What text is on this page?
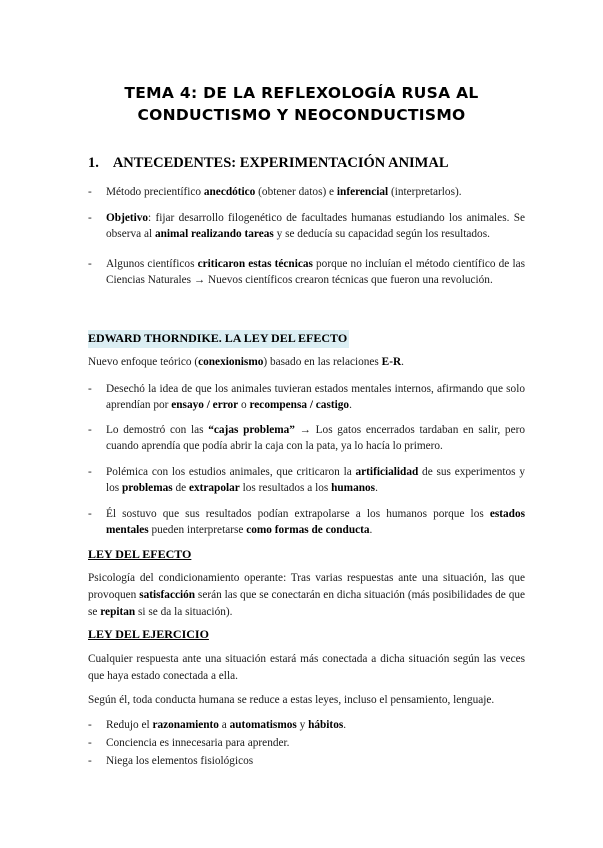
TEMA 4: DE LA REFLEXOLOGÍA RUSA AL
CONDUCTISMO Y NEOCONDUCTISMO
1. ANTECEDENTES: EXPERIMENTACIÓN ANIMAL
- Método precientífico anecdótico (obtener datos) e inferencial (interpretarlos).
- Objetivo: fijar desarrollo filogenético de facultades humanas estudiando los animales. Se observa al animal realizando tareas y se deducía su capacidad según los resultados.
- Algunos científicos criticaron estas técnicas porque no incluían el método científico de las Ciencias Naturales → Nuevos científicos crearon técnicas que fueron una revolución.
EDWARD THORNDIKE. LA LEY DEL EFECTO
Nuevo enfoque teórico (conexionismo) basado en las relaciones E-R.
- Desechó la idea de que los animales tuvieran estados mentales internos, afirmando que solo aprendían por ensayo / error o recompensa / castigo.
- Lo demostró con las “cajas problema” → Los gatos encerrados tardaban en salir, pero cuando aprendía que podía abrir la caja con la pata, ya lo hacía lo primero.
- Polémica con los estudios animales, que criticaron la artificialidad de sus experimentos y los problemas de extrapolar los resultados a los humanos.
- Él sostuvo que sus resultados podían extrapolarse a los humanos porque los estados mentales pueden interpretarse como formas de conducta.
LEY DEL EFECTO
Psicología del condicionamiento operante: Tras varias respuestas ante una situación, las que provoquen satisfacción serán las que se conectarán en dicha situación (más posibilidades de que se repitan si se da la situación).
LEY DEL EJERCICIO
Cualquier respuesta ante una situación estará más conectada a dicha situación según las veces que haya estado conectada a ella.
Según él, toda conducta humana se reduce a estas leyes, incluso el pensamiento, lenguaje.
- Redujo el razonamiento a automatismos y hábitos.
- Conciencia es innecesaria para aprender.
- Niega los elementos fisiológicos
